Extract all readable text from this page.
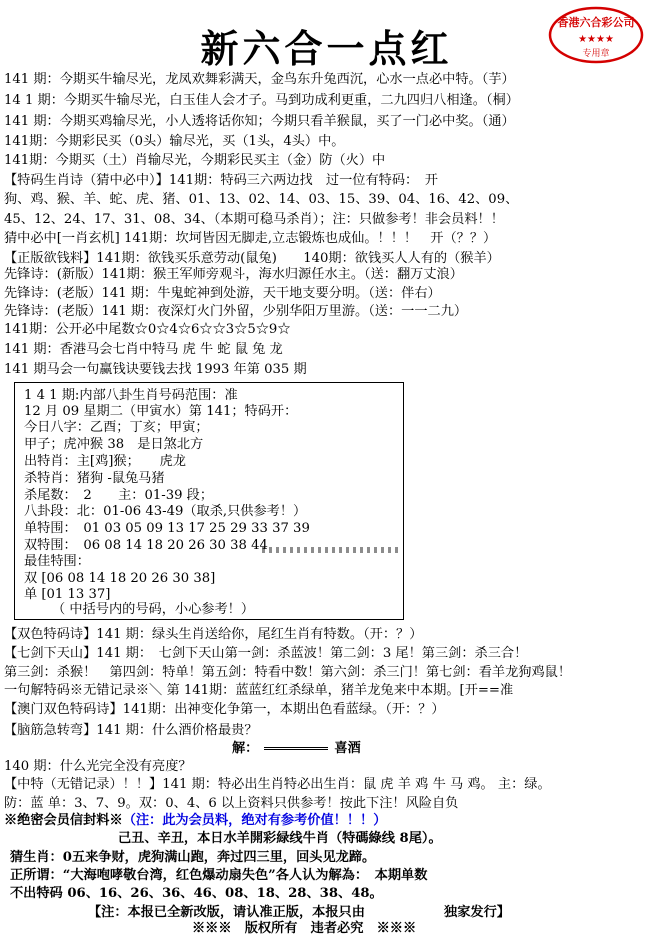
新六合一点红
香港六合彩公司
★★★★
专用章
141 期：今期买牛输尽光，龙凤欢舞彩满天，金鸟东升兔西沉，心水一点必中特。（芋）
14 1 期：今期买牛输尽光，白玉佳人会才子。马到功成利更重，二九四归八相逢。（桐）
141 期：今期买鸡输尽光，小人透将话你知；今期只看羊猴鼠，买了一门必中奖。（通）
141期：今期彩民买（0头）输尽光，买（1头，4头）中。
141期：今期买（土）肖输尽光，今期彩民买主（金）防（火）中
【特码生肖诗（猜中必中）】141期：特码三六两边找　过一位有特码：　开
狗、鸡、猴、羊、蛇、虎、猪、01、13、02、14、03、15、39、04、16、42、09、
45、12、24、17、31、08、34、（本期可稳马杀肖）；注：只做参考！非会员料！！
猜中必中[一肖玄机] 141期：坎坷皆因无脚走,立志锻炼也成仙。！！！　开（？？）
【正版欲钱料】141期：欲钱买乐意劳动(鼠兔)　　140期：欲钱买人人有的（猴羊）
先锋诗：(新版）141期：猴王军师旁观斗，海水归源任水主。（送：翻万丈浪）
先锋诗：(老版）141 期：牛鬼蛇神到处游，天干地支要分明。（送：伴右）
先锋诗：(老版）141 期：夜深灯火门外留，少别华阳万里游。（送：一一二九）
141期：公开必中尾数☆0☆4☆6☆☆3☆5☆9☆
141 期：香港马会七肖中特马 虎 牛 蛇 鼠 兔 龙
141 期马会一句赢钱诀要钱去找 1993 年第 035 期
1 4 1 期:内部八卦生肖号码范围：准
12 月 09 星期二（甲寅水）第 141；特码开：
今日八字：乙酉；丁亥；甲寅；
甲子；虎冲猴 38　是日煞北方
出特肖：主[鸡]猴；　　虎龙
杀特肖：猪狗 -鼠兔马猪
杀尾数：　2　　主：01-39 段；
八卦段：北：01-06 43-49（取杀,只供参考！）
单特围：　01 03 05 09 13 17 25 29 33 37 39
双特围：　06 08 14 18 20 26 30 38 44
最佳特围：
双 [06 08 14 18 20 26 30 38]
单 [01 13 37]
（ 中括号内的号码，小心参考！）
【双色特码诗】141 期：绿头生肖送给你，尾红生肖有特数。（开：？）
【七剑下天山】141 期：　七剑下天山第一剑：杀蓝波！第二剑：3 尾！第三剑：杀三合！
第三剑：杀猴！　第四剑：特单！第五剑：特看中数！第六剑：杀三门！第七剑：看羊龙狗鸡鼠！
一句解特码※无错记录※＼ 第 141期：蓝蓝红红杀绿单，猪羊龙兔来中本期。[开==准
【澳门双色特码诗】141期：出神变化争第一，本期出色看蓝绿。（开：？）
【脑筋急转弯】141 期：什么酒价格最贵？
解：	喜酒
140 期：什么光完全没有亮度？
【中特（无错记录）！！】141 期：特必出生肖特必出生肖：鼠 虎 羊 鸡 牛 马 鸡。 主：绿。
防：蓝 单：3、7、9。双：0、4、6 以上资料只供参考！按此下注！风险自负
※绝密会员信封料※（注：此为会员料，绝对有参考价值！！！）
己丑、辛丑，本日水羊開彩緑线牛肖（特碼綠线 8尾）。
猜生肖：0五来争财，虎狗满山跑，奔过四三里，回头见龙蹄。
正所谓：“大海咆哮敬台湾，红色爆动扇失色”各人认为解為：　本期单数
不出特码 06、16、26、36、46、08、18、28、38、48。
【注：本报已全新改版，请认准正版，本报只由　　　　　　独家发行】
※※※　版权所有　违者必究　※※※
